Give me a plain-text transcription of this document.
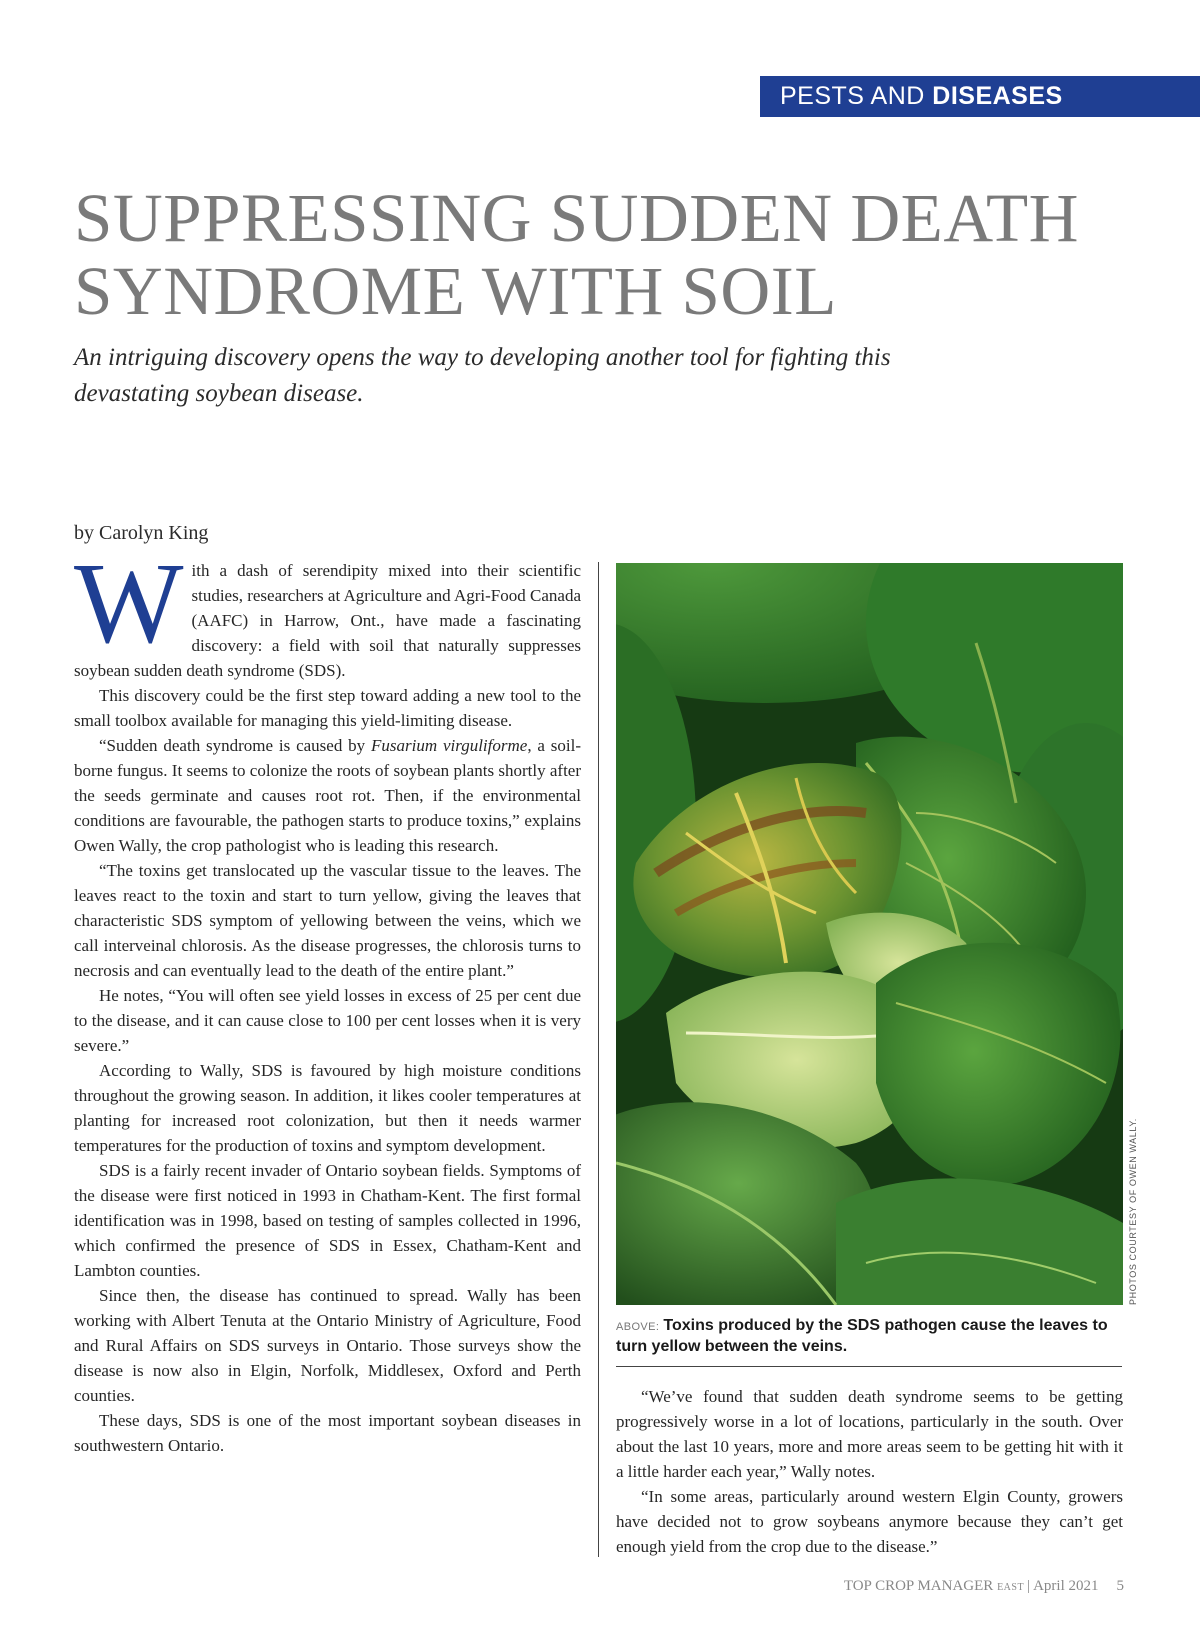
PESTS AND DISEASES
SUPPRESSING SUDDEN DEATH
SYNDROME WITH SOIL

An intriguing discovery opens the way to developing another tool for fighting this devastating soybean disease.

by Carolyn King

With a dash of serendipity mixed into their scientific studies, researchers at Agriculture and Agri-Food Canada (AAFC) in Harrow, Ont., have made a fascinating discovery: a field with soil that naturally suppresses soybean sudden death syndrome (SDS).

This discovery could be the first step toward adding a new tool to the small toolbox available for managing this yield-limiting disease.

“Sudden death syndrome is caused by Fusarium virguliforme, a soil-borne fungus. It seems to colonize the roots of soybean plants shortly after the seeds germinate and causes root rot. Then, if the environmental conditions are favourable, the pathogen starts to produce toxins,” explains Owen Wally, the crop pathologist who is leading this research.

“The toxins get translocated up the vascular tissue to the leaves. The leaves react to the toxin and start to turn yellow, giving the leaves that characteristic SDS symptom of yellowing between the veins, which we call interveinal chlorosis. As the disease progresses, the chlorosis turns to necrosis and can eventually lead to the death of the entire plant.”

He notes, “You will often see yield losses in excess of 25 per cent due to the disease, and it can cause close to 100 per cent losses when it is very severe.”

According to Wally, SDS is favoured by high moisture conditions throughout the growing season. In addition, it likes cooler temperatures at planting for increased root colonization, but then it needs warmer temperatures for the production of toxins and symptom development.

SDS is a fairly recent invader of Ontario soybean fields. Symptoms of the disease were first noticed in 1993 in Chatham-Kent. The first formal identification was in 1998, based on testing of samples collected in 1996, which confirmed the presence of SDS in Essex, Chatham-Kent and Lambton counties.

Since then, the disease has continued to spread. Wally has been working with Albert Tenuta at the Ontario Ministry of Agriculture, Food and Rural Affairs on SDS surveys in Ontario. Those surveys show the disease is now also in Elgin, Norfolk, Middlesex, Oxford and Perth counties.

These days, SDS is one of the most important soybean diseases in southwestern Ontario.

PHOTOS COURTESY OF OWEN WALLY.

ABOVE: Toxins produced by the SDS pathogen cause the leaves to turn yellow between the veins.

“We’ve found that sudden death syndrome seems to be getting progressively worse in a lot of locations, particularly in the south. Over about the last 10 years, more and more areas seem to be getting hit with it a little harder each year,” Wally notes.

“In some areas, particularly around western Elgin County, growers have decided not to grow soybeans anymore because they can’t get enough yield from the crop due to the disease.”

TOP CROP MANAGER EAST | April 2021 5
